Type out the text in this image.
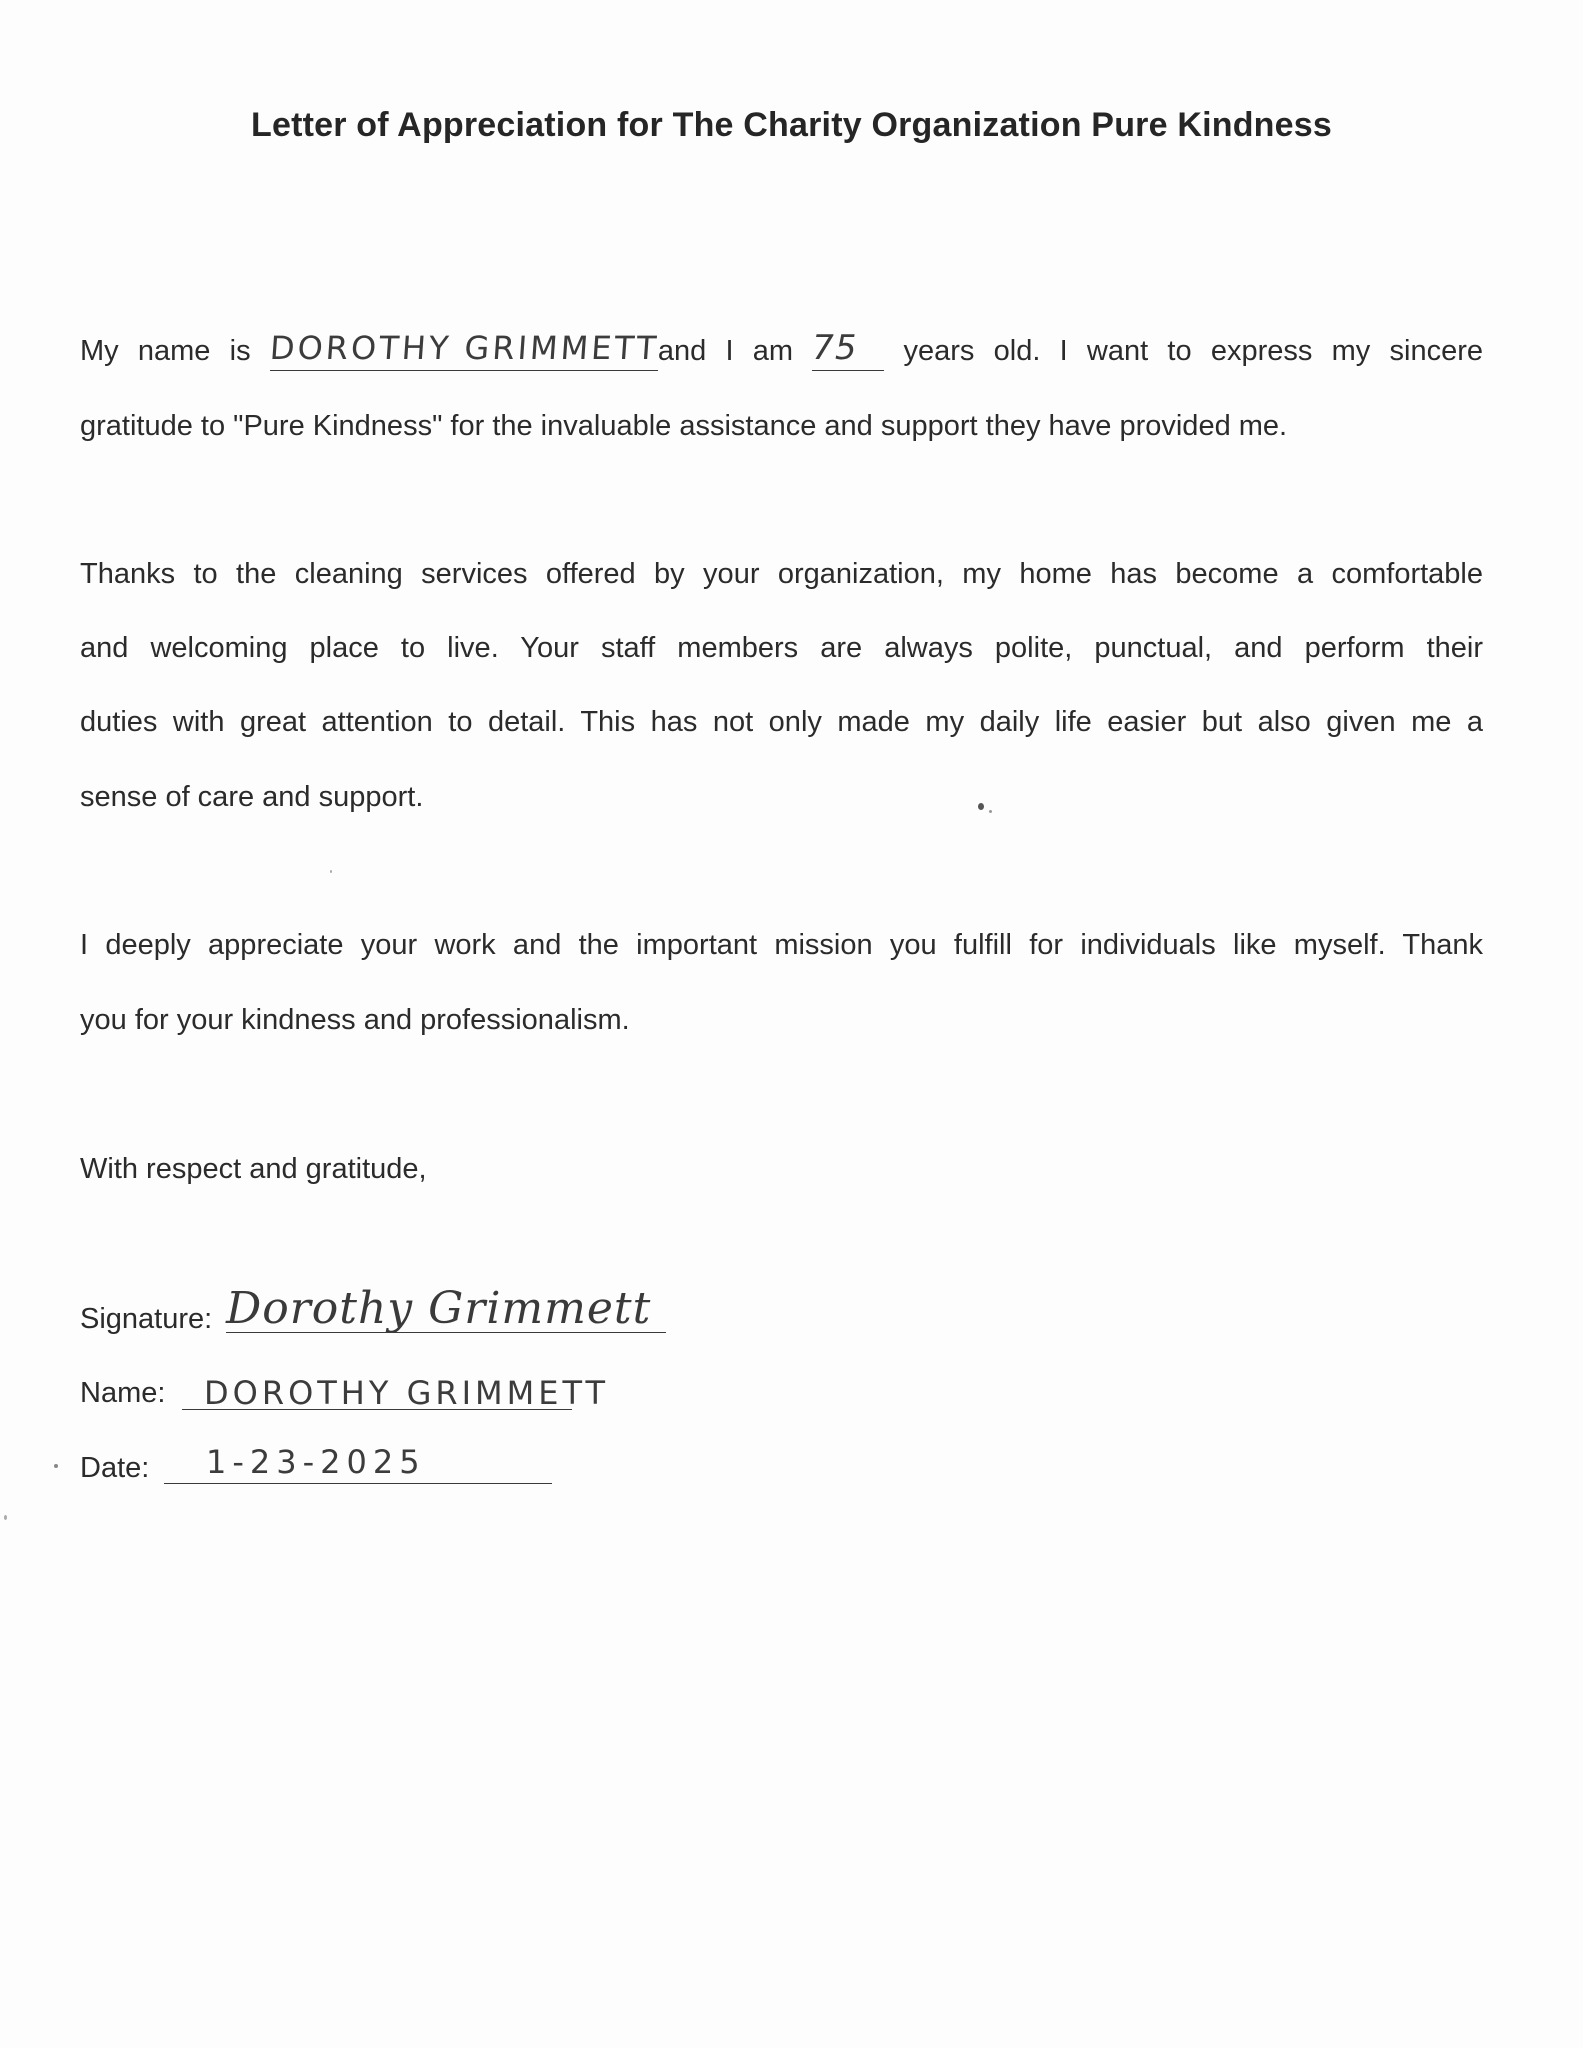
Letter of Appreciation for The Charity Organization Pure Kindness
My name is DOROTHY GRIMMETT
and I am 75	years old. I want to express my sincere
gratitude to "Pure Kindness" for the invaluable assistance and support they have provided me.
Thanks to the cleaning services offered by your organization, my home has become a comfortable
and welcoming place to live. Your staff members are always polite, punctual, and perform their
duties with great attention to detail. This has not only made my daily life easier but also given me a
sense of care and support.
I deeply appreciate your work and the important mission you fulfill for individuals like myself. Thank
you for your kindness and professionalism.
With respect and gratitude,
Signature: Dorothy Grimmett
Name: DOROTHY GRIMMETT
Date: 1-23-2025
